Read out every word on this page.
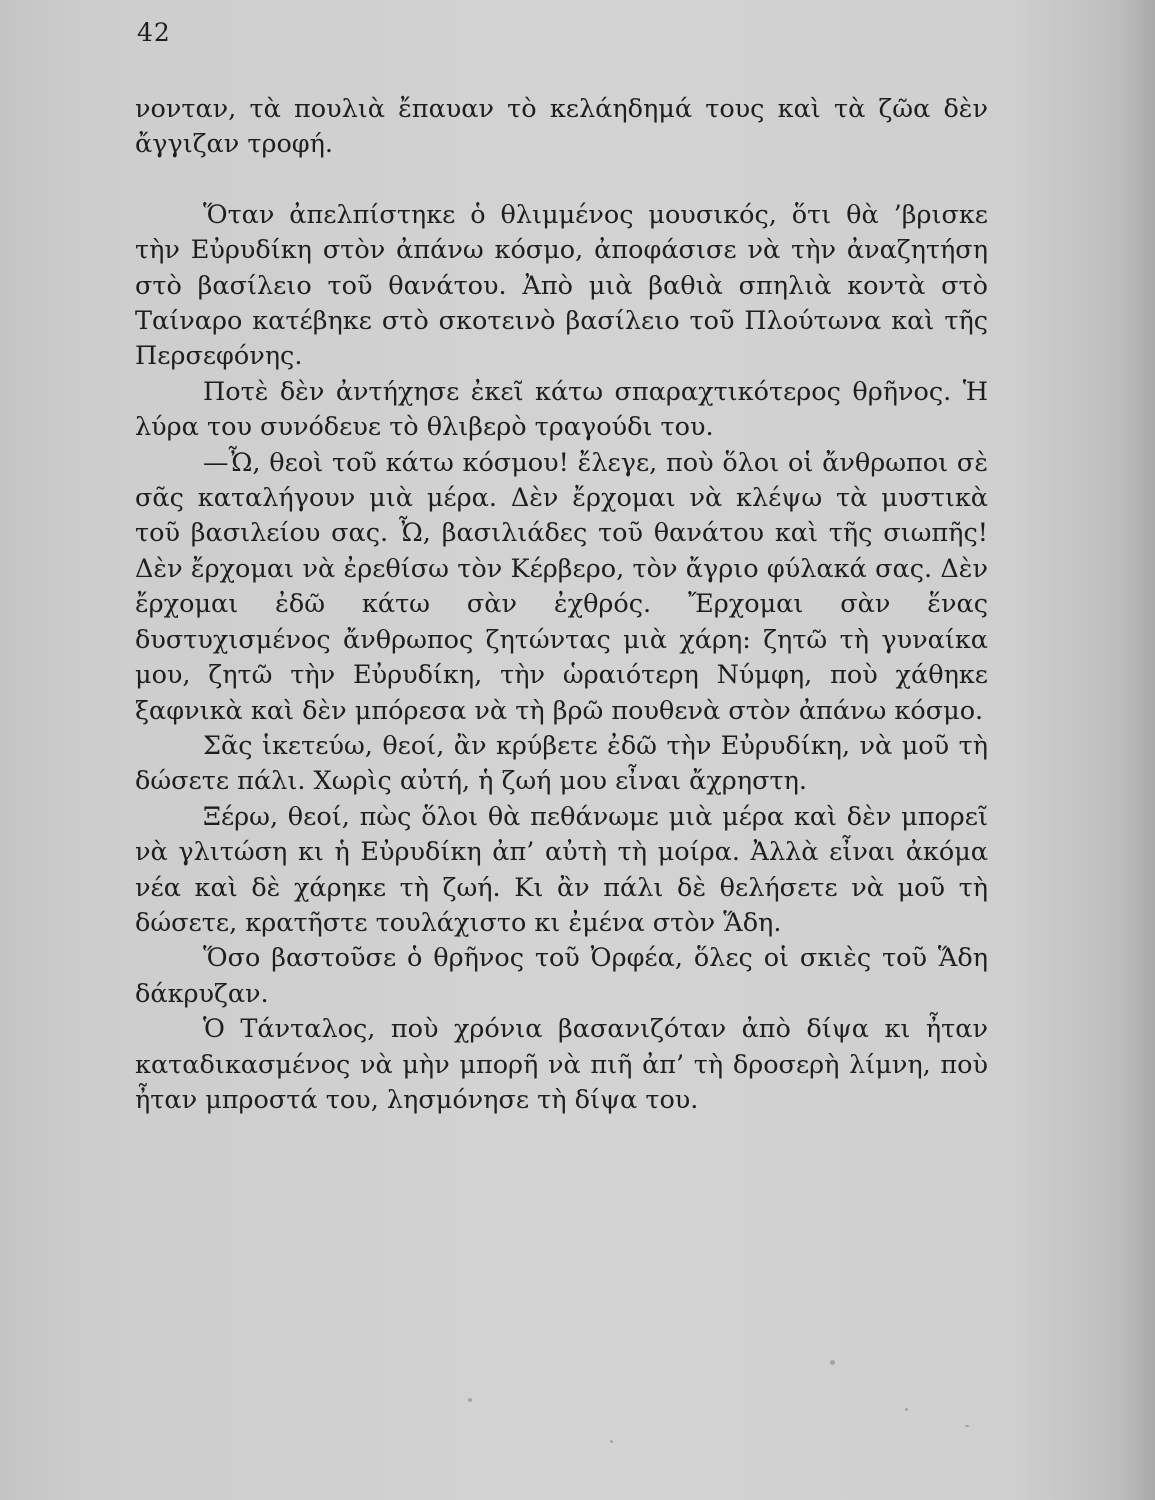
42

νονταν, τὰ πουλιὰ ἔπαυαν τὸ κελάηδημά τους καὶ τὰ ζῶα δὲν ἄγγιζαν τροφή.

Ὅταν ἀπελπίστηκε ὁ θλιμμένος μουσικός, ὅτι θὰ ’βρισκε τὴν Εὐρυδίκη στὸν ἀπάνω κόσμο, ἀποφάσισε νὰ τὴν ἀναζητήση στὸ βασίλειο τοῦ θανάτου. Ἀπὸ μιὰ βαθιὰ σπηλιὰ κοντὰ στὸ Ταίναρο κατέβηκε στὸ σκοτεινὸ βασίλειο τοῦ Πλούτωνα καὶ τῆς Περσεφόνης.

Ποτὲ δὲν ἀντήχησε ἐκεῖ κάτω σπαραχτικότερος θρῆνος. Ἡ λύρα του συνόδευε τὸ θλιβερὸ τραγούδι του.

—Ὦ, θεοὶ τοῦ κάτω κόσμου! ἔλεγε, ποὺ ὅλοι οἱ ἄνθρωποι σὲ σᾶς καταλήγουν μιὰ μέρα. Δὲν ἔρχομαι νὰ κλέψω τὰ μυστικὰ τοῦ βασιλείου σας. Ὦ, βασιλιάδες τοῦ θανάτου καὶ τῆς σιωπῆς! Δὲν ἔρχομαι νὰ ἐρεθίσω τὸν Κέρβερο, τὸν ἄγριο φύλακά σας. Δὲν ἔρχομαι ἐδῶ κάτω σὰν ἐχθρός. Ἔρχομαι σὰν ἕνας δυστυχισμένος ἄνθρωπος ζητώντας μιὰ χάρη: ζητῶ τὴ γυναίκα μου, ζητῶ τὴν Εὐρυδίκη, τὴν ὡραιότερη Νύμφη, ποὺ χάθηκε ξαφνικὰ καὶ δὲν μπόρεσα νὰ τὴ βρῶ πουθενὰ στὸν ἀπάνω κόσμο.

Σᾶς ἱκετεύω, θεοί, ἂν κρύβετε ἐδῶ τὴν Εὐρυδίκη, νὰ μοῦ τὴ δώσετε πάλι. Χωρὶς αὐτή, ἡ ζωή μου εἶναι ἄχρηστη.

Ξέρω, θεοί, πὼς ὅλοι θὰ πεθάνωμε μιὰ μέρα καὶ δὲν μπορεῖ νὰ γλιτώση κι ἡ Εὐρυδίκη ἀπ’ αὐτὴ τὴ μοίρα. Ἀλλὰ εἶναι ἀκόμα νέα καὶ δὲ χάρηκε τὴ ζωή. Κι ἂν πάλι δὲ θελήσετε νὰ μοῦ τὴ δώσετε, κρατῆστε τουλάχιστο κι ἐμένα στὸν Ἅδη.

Ὅσο βαστοῦσε ὁ θρῆνος τοῦ Ὀρφέα, ὅλες οἱ σκιὲς τοῦ Ἅδη δάκρυζαν.

Ὁ Τάνταλος, ποὺ χρόνια βασανιζόταν ἀπὸ δίψα κι ἦταν καταδικασμένος νὰ μὴν μπορῆ νὰ πιῆ ἀπ’ τὴ δροσερὴ λίμνη, ποὺ ἦταν μπροστά του, λησμόνησε τὴ δίψα του.
